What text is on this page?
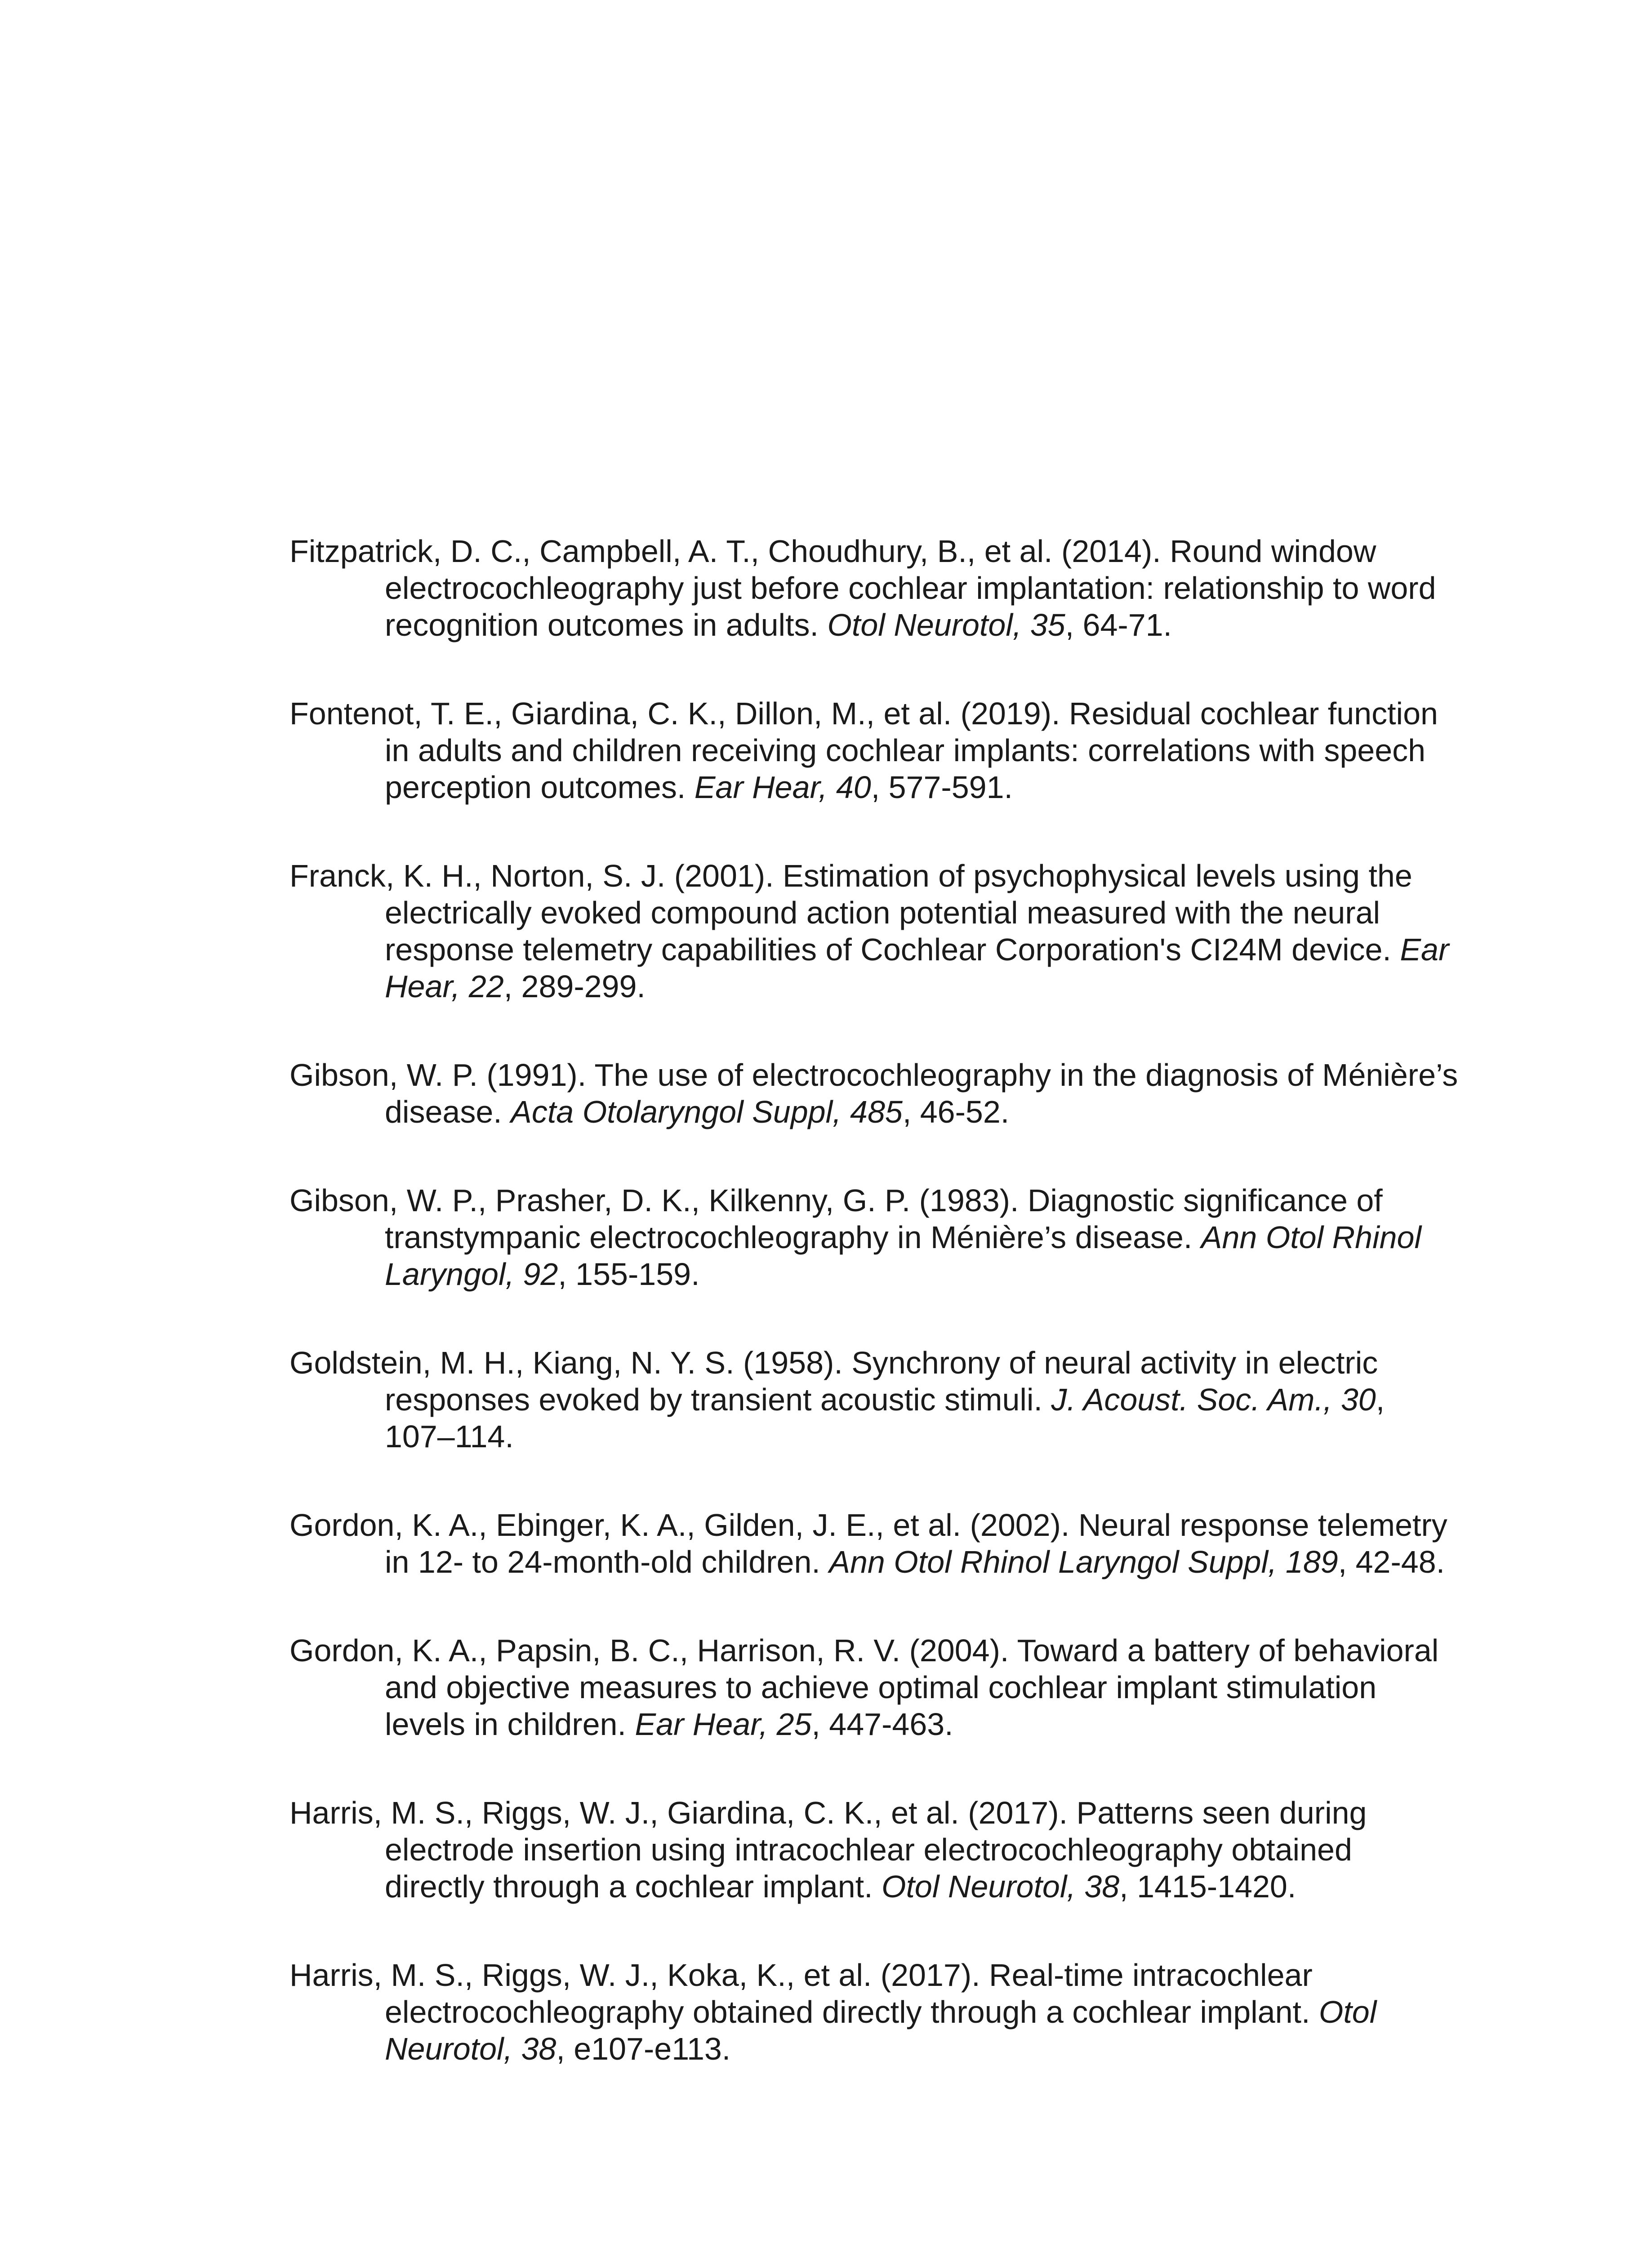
Fitzpatrick, D. C., Campbell, A. T., Choudhury, B., et al. (2014). Round window electrocochleography just before cochlear implantation: relationship to word recognition outcomes in adults. Otol Neurotol, 35, 64-71.
Fontenot, T. E., Giardina, C. K., Dillon, M., et al. (2019). Residual cochlear function in adults and children receiving cochlear implants: correlations with speech perception outcomes. Ear Hear, 40, 577-591.
Franck, K. H., Norton, S. J. (2001). Estimation of psychophysical levels using the electrically evoked compound action potential measured with the neural response telemetry capabilities of Cochlear Corporation's CI24M device. Ear Hear, 22, 289-299.
Gibson, W. P. (1991). The use of electrocochleography in the diagnosis of Ménière’s disease. Acta Otolaryngol Suppl, 485, 46-52.
Gibson, W. P., Prasher, D. K., Kilkenny, G. P. (1983). Diagnostic significance of transtympanic electrocochleography in Ménière’s disease. Ann Otol Rhinol Laryngol, 92, 155-159.
Goldstein, M. H., Kiang, N. Y. S. (1958). Synchrony of neural activity in electric responses evoked by transient acoustic stimuli. J. Acoust. Soc. Am., 30, 107–114.
Gordon, K. A., Ebinger, K. A., Gilden, J. E., et al. (2002). Neural response telemetry in 12- to 24-month-old children. Ann Otol Rhinol Laryngol Suppl, 189, 42-48.
Gordon, K. A., Papsin, B. C., Harrison, R. V. (2004). Toward a battery of behavioral and objective measures to achieve optimal cochlear implant stimulation levels in children. Ear Hear, 25, 447-463.
Harris, M. S., Riggs, W. J., Giardina, C. K., et al. (2017). Patterns seen during electrode insertion using intracochlear electrocochleography obtained directly through a cochlear implant. Otol Neurotol, 38, 1415-1420.
Harris, M. S., Riggs, W. J., Koka, K., et al. (2017). Real-time intracochlear electrocochleography obtained directly through a cochlear implant. Otol Neurotol, 38, e107-e113.
